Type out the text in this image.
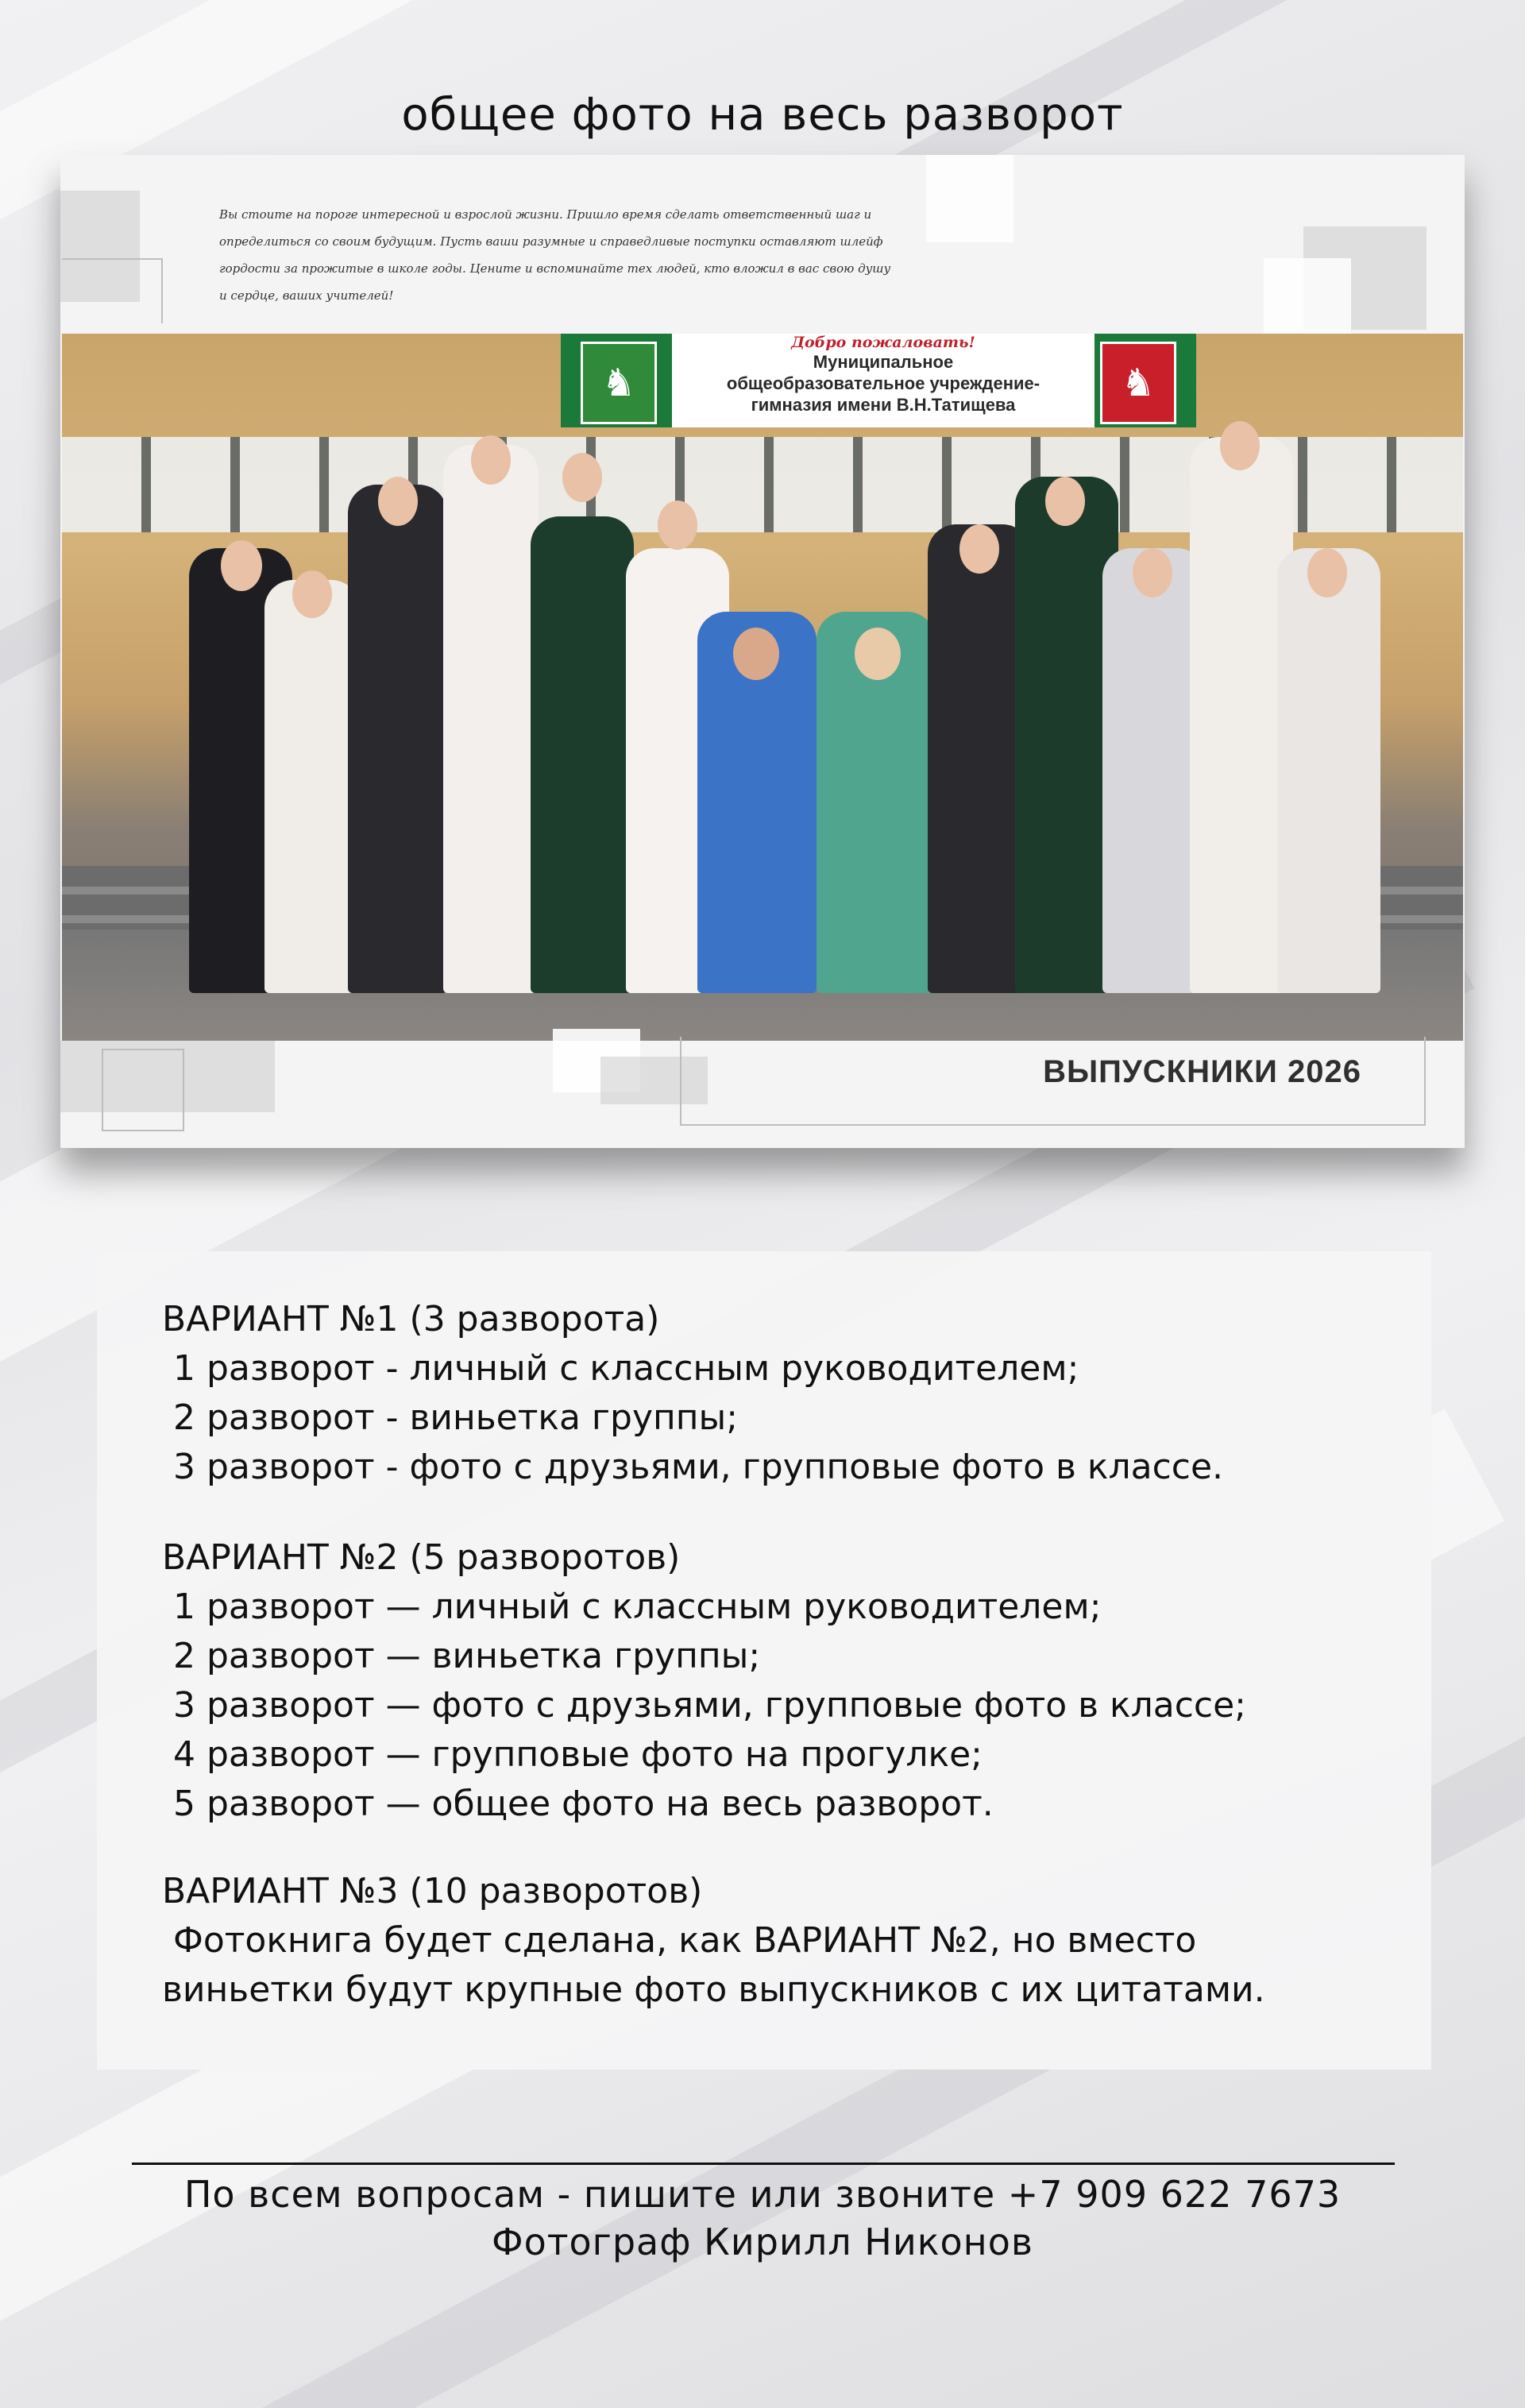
общее фото на весь разворот
Вы стоите на пороге интересной и взрослой жизни. Пришло время сделать ответственный шаг и
определиться со своим будущим. Пусть ваши разумные и справедливые поступки оставляют шлейф
гордости за прожитые в школе годы. Цените и вспоминайте тех людей, кто вложил в вас свою душу
и сердце, ваших учителей!
♞
Добро пожаловать!
Муниципальное
общеобразовательное учреждение-
гимназия имени В.Н.Татищева	♞
ВЫПУСКНИКИ 2026
ВАРИАНТ №1 (3 разворота)
1 разворот - личный с классным руководителем;
2 разворот - виньетка группы;
3 разворот - фото с друзьями, групповые фото в классе.
ВАРИАНТ №2 (5 разворотов)
1 разворот — личный с классным руководителем;
2 разворот — виньетка группы;
3 разворот — фото с друзьями, групповые фото в классе;
4 разворот — групповые фото на прогулке;
5 разворот — общее фото на весь разворот.
ВАРИАНТ №3 (10 разворотов)
Фотокнига будет сделана, как ВАРИАНТ №2, но вместо
виньетки будут крупные фото выпускников с их цитатами.
По всем вопросам - пишите или звоните +7 909 622 7673
Фотограф Кирилл Никонов
